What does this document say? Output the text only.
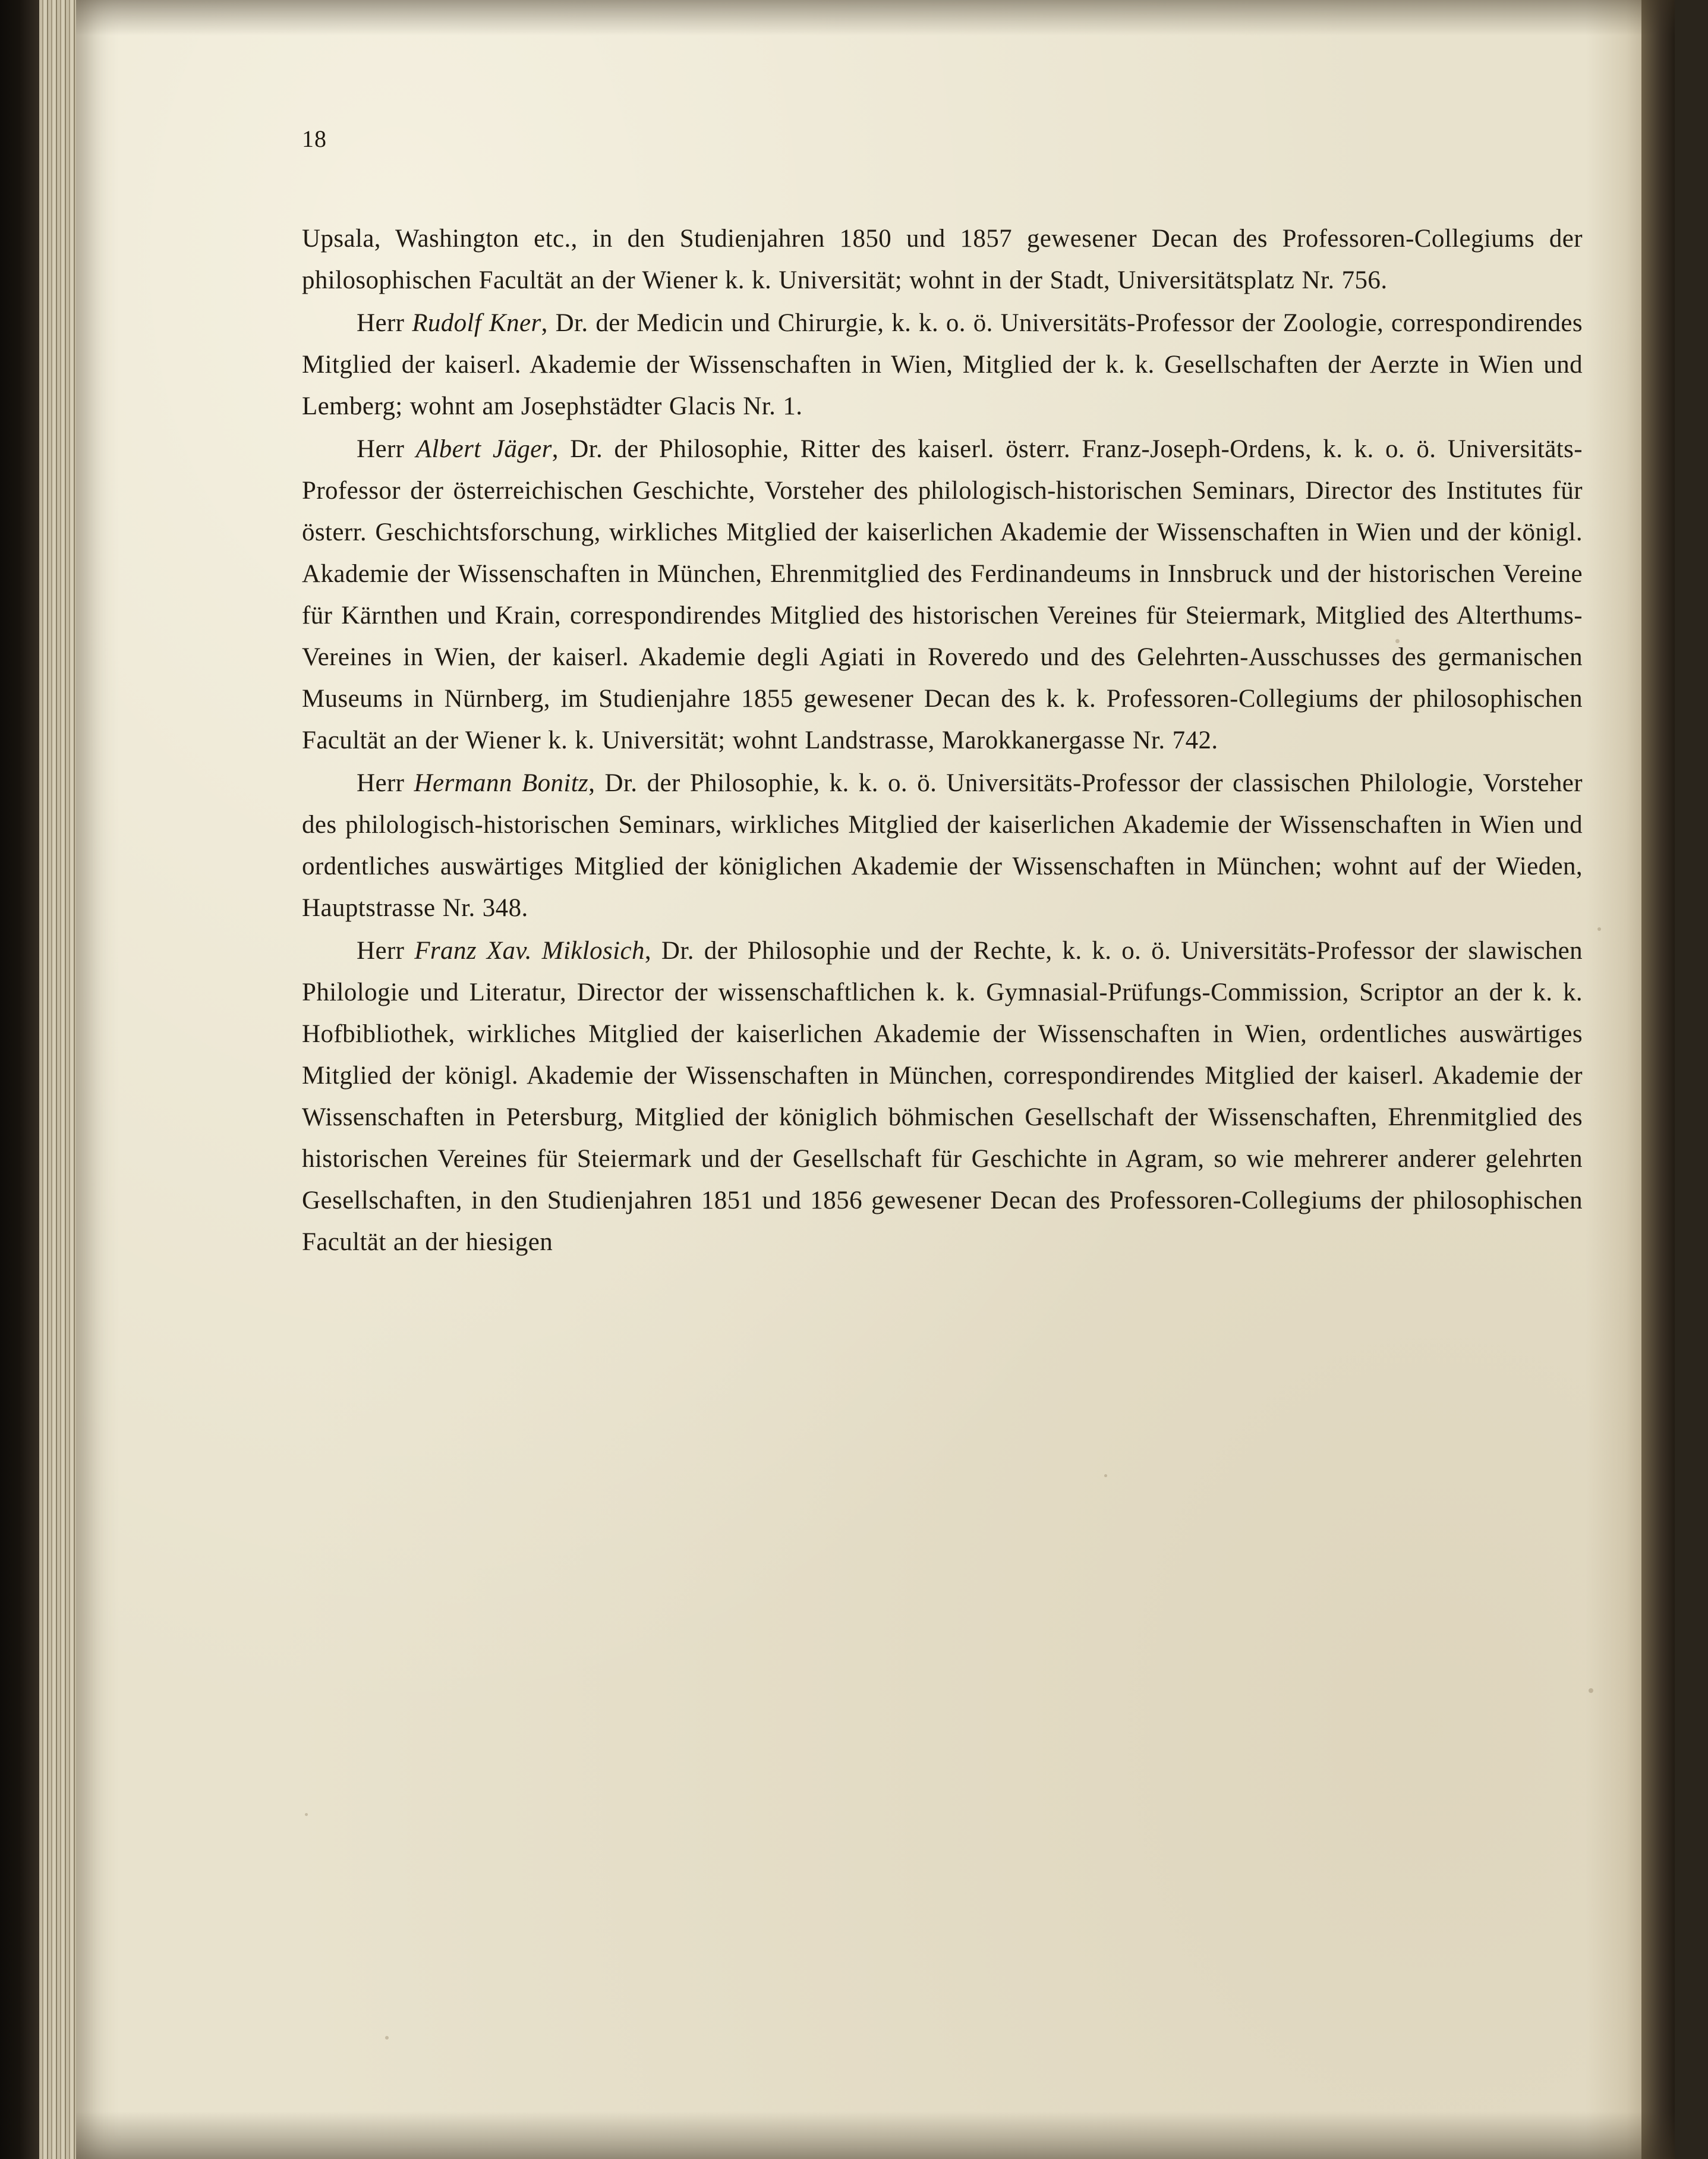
18
Upsala, Washington etc., in den Studienjahren 1850 und 1857 gewesener Decan des Professoren-Collegiums der philosophischen Facultät an der Wiener k. k. Universität; wohnt in der Stadt, Universitätsplatz Nr. 756.
Herr Rudolf Kner, Dr. der Medicin und Chirurgie, k. k. o. ö. Universitäts-Professor der Zoologie, correspondirendes Mitglied der kaiserl. Akademie der Wissenschaften in Wien, Mitglied der k. k. Gesellschaften der Aerzte in Wien und Lemberg; wohnt am Josephstädter Glacis Nr. 1.
Herr Albert Jäger, Dr. der Philosophie, Ritter des kaiserl. österr. Franz-Joseph-Ordens, k. k. o. ö. Universitäts-Professor der österreichischen Geschichte, Vorsteher des philologisch-historischen Seminars, Director des Institutes für österr. Geschichtsforschung, wirkliches Mitglied der kaiserlichen Akademie der Wissenschaften in Wien und der königl. Akademie der Wissenschaften in München, Ehrenmitglied des Ferdinandeums in Innsbruck und der historischen Vereine für Kärnthen und Krain, correspondirendes Mitglied des historischen Vereines für Steiermark, Mitglied des Alterthums-Vereines in Wien, der kaiserl. Akademie degli Agiati in Roveredo und des Gelehrten-Ausschusses des germanischen Museums in Nürnberg, im Studienjahre 1855 gewesener Decan des k. k. Professoren-Collegiums der philosophischen Facultät an der Wiener k. k. Universität; wohnt Landstrasse, Marokkanergasse Nr. 742.
Herr Hermann Bonitz, Dr. der Philosophie, k. k. o. ö. Universitäts-Professor der classischen Philologie, Vorsteher des philologisch-historischen Seminars, wirkliches Mitglied der kaiserlichen Akademie der Wissenschaften in Wien und ordentliches auswärtiges Mitglied der königlichen Akademie der Wissenschaften in München; wohnt auf der Wieden, Hauptstrasse Nr. 348.
Herr Franz Xav. Miklosich, Dr. der Philosophie und der Rechte, k. k. o. ö. Universitäts-Professor der slawischen Philologie und Literatur, Director der wissenschaftlichen k. k. Gymnasial-Prüfungs-Commission, Scriptor an der k. k. Hofbibliothek, wirkliches Mitglied der kaiserlichen Akademie der Wissenschaften in Wien, ordentliches auswärtiges Mitglied der königl. Akademie der Wissenschaften in München, correspondirendes Mitglied der kaiserl. Akademie der Wissenschaften in Petersburg, Mitglied der königlich böhmischen Gesellschaft der Wissenschaften, Ehrenmitglied des historischen Vereines für Steiermark und der Gesellschaft für Geschichte in Agram, so wie mehrerer anderer gelehrten Gesellschaften, in den Studienjahren 1851 und 1856 gewesener Decan des Professoren-Collegiums der philosophischen Facultät an der hiesigen
